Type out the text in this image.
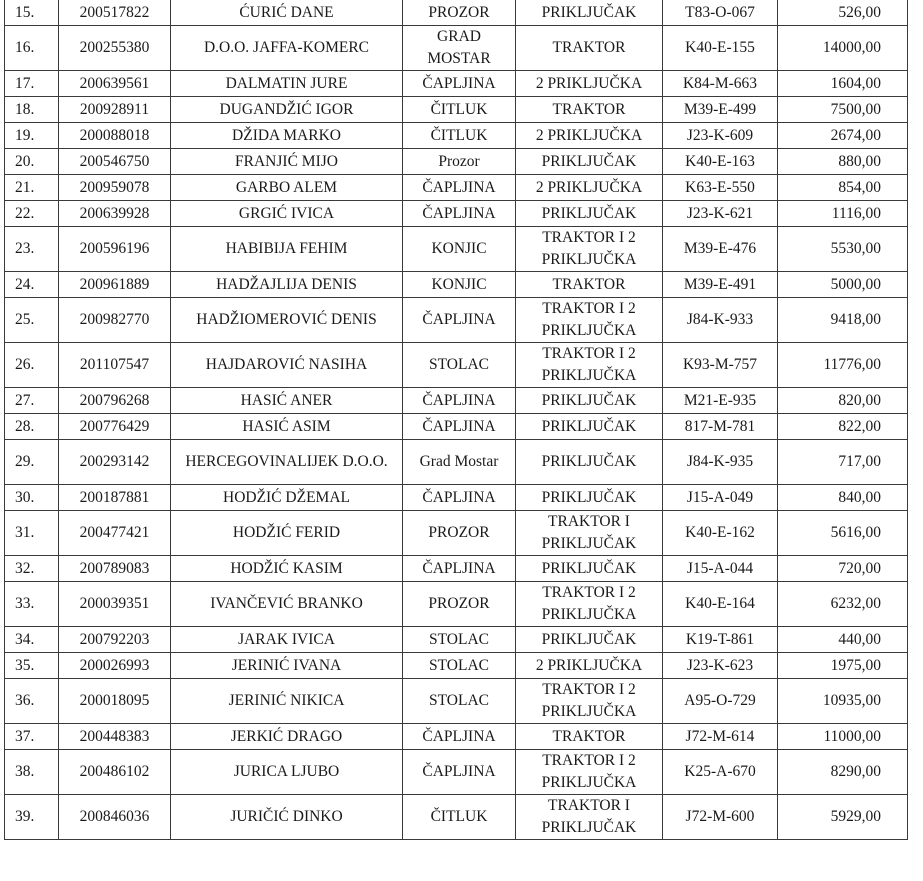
15.	200517822	ĆURIĆ DANE	PROZOR	PRIKLJUČAK	T83-O-067	526,00
16.	200255380	D.O.O. JAFFA-KOMERC	GRAD MOSTAR	TRAKTOR	K40-E-155	14000,00
17.	200639561	DALMATIN JURE	ČAPLJINA	2 PRIKLJUČKA	K84-M-663	1604,00
18.	200928911	DUGANDŽIĆ IGOR	ČITLUK	TRAKTOR	M39-E-499	7500,00
19.	200088018	DŽIDA MARKO	ČITLUK	2 PRIKLJUČKA	J23-K-609	2674,00
20.	200546750	FRANJIĆ MIJO	Prozor	PRIKLJUČAK	K40-E-163	880,00
21.	200959078	GARBO ALEM	ČAPLJINA	2 PRIKLJUČKA	K63-E-550	854,00
22.	200639928	GRGIĆ IVICA	ČAPLJINA	PRIKLJUČAK	J23-K-621	1116,00
23.	200596196	HABIBIJA FEHIM	KONJIC	TRAKTOR I 2 PRIKLJUČKA	M39-E-476	5530,00
24.	200961889	HADŽAJLIJA DENIS	KONJIC	TRAKTOR	M39-E-491	5000,00
25.	200982770	HADŽIOMEROVIĆ DENIS	ČAPLJINA	TRAKTOR I 2 PRIKLJUČKA	J84-K-933	9418,00
26.	201107547	HAJDAROVIĆ NASIHA	STOLAC	TRAKTOR I 2 PRIKLJUČKA	K93-M-757	11776,00
27.	200796268	HASIĆ ANER	ČAPLJINA	PRIKLJUČAK	M21-E-935	820,00
28.	200776429	HASIĆ ASIM	ČAPLJINA	PRIKLJUČAK	817-M-781	822,00
29.	200293142	HERCEGOVINALIJEK D.O.O.	Grad Mostar	PRIKLJUČAK	J84-K-935	717,00
30.	200187881	HODŽIĆ DŽEMAL	ČAPLJINA	PRIKLJUČAK	J15-A-049	840,00
31.	200477421	HODŽIĆ FERID	PROZOR	TRAKTOR I PRIKLJUČAK	K40-E-162	5616,00
32.	200789083	HODŽIĆ KASIM	ČAPLJINA	PRIKLJUČAK	J15-A-044	720,00
33.	200039351	IVANČEVIĆ BRANKO	PROZOR	TRAKTOR I 2 PRIKLJUČKA	K40-E-164	6232,00
34.	200792203	JARAK IVICA	STOLAC	PRIKLJUČAK	K19-T-861	440,00
35.	200026993	JERINIĆ IVANA	STOLAC	2 PRIKLJUČKA	J23-K-623	1975,00
36.	200018095	JERINIĆ NIKICA	STOLAC	TRAKTOR I 2 PRIKLJUČKA	A95-O-729	10935,00
37.	200448383	JERKIĆ DRAGO	ČAPLJINA	TRAKTOR	J72-M-614	11000,00
38.	200486102	JURICA LJUBO	ČAPLJINA	TRAKTOR I 2 PRIKLJUČKA	K25-A-670	8290,00
39.	200846036	JURIČIĆ DINKO	ČITLUK	TRAKTOR I PRIKLJUČAK	J72-M-600	5929,00
